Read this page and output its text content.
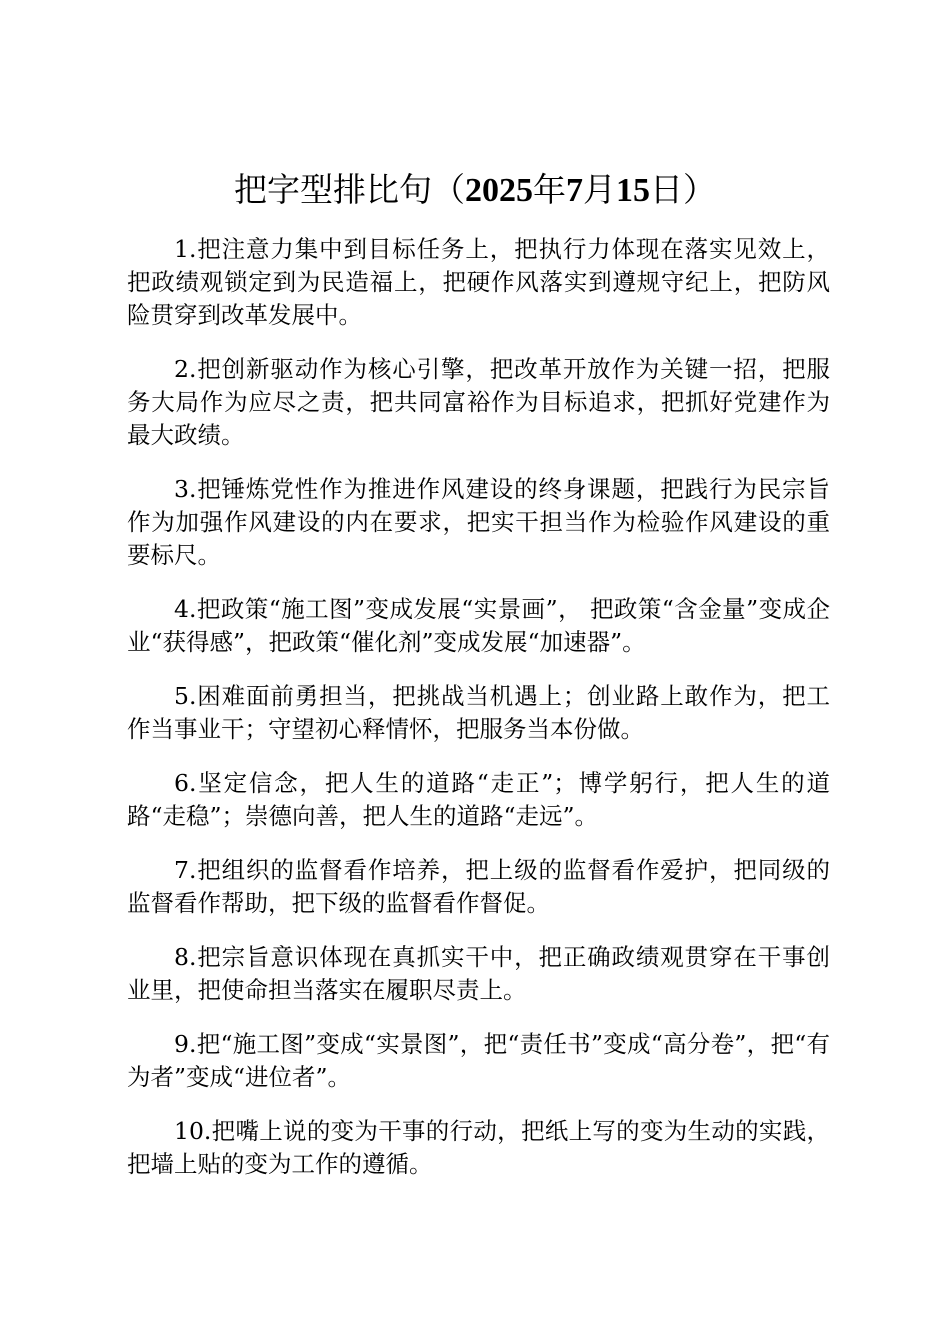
把字型排比句（2025年7月15日）

1.把注意力集中到目标任务上，把执行力体现在落实见效上，把政绩观锁定到为民造福上，把硬作风落实到遵规守纪上，把防风险贯穿到改革发展中。

2.把创新驱动作为核心引擎，把改革开放作为关键一招，把服务大局作为应尽之责，把共同富裕作为目标追求，把抓好党建作为最大政绩。

3.把锤炼党性作为推进作风建设的终身课题，把践行为民宗旨作为加强作风建设的内在要求，把实干担当作为检验作风建设的重要标尺。

4.把政策“施工图”变成发展“实景画”， 把政策“含金量”变成企业“获得感”，把政策“催化剂”变成发展“加速器”。

5.困难面前勇担当，把挑战当机遇上；创业路上敢作为，把工作当事业干；守望初心释情怀，把服务当本份做。

6.坚定信念，把人生的道路“走正”；博学躬行，把人生的道路“走稳”；崇德向善，把人生的道路“走远”。

7.把组织的监督看作培养，把上级的监督看作爱护，把同级的监督看作帮助，把下级的监督看作督促。

8.把宗旨意识体现在真抓实干中，把正确政绩观贯穿在干事创业里，把使命担当落实在履职尽责上。

9.把“施工图”变成“实景图”，把“责任书”变成“高分卷”，把“有为者”变成“进位者”。

10.把嘴上说的变为干事的行动，把纸上写的变为生动的实践，把墙上贴的变为工作的遵循。
